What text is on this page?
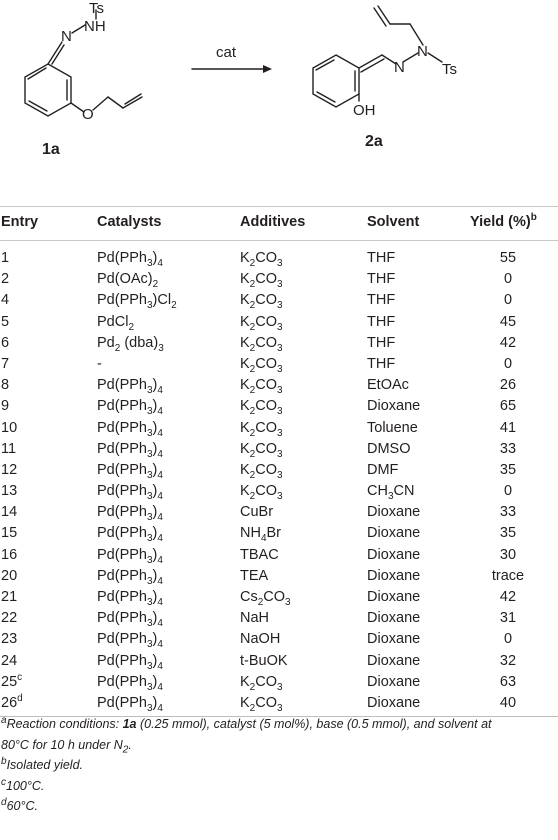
Ts
NH
N
O
1a
cat
N
N
Ts
OH
2a
Entry	Catalysts	Additives	Solvent	Yield (%)$^b$
1	$Pd(PPh_3)_4$	$K_2CO_3$	THF	55
2	$Pd(OAc)_2$	$K_2CO_3$	THF	0
4	$Pd(PPh_3)Cl_2$	$K_2CO_3$	THF	0
5	PdCl$_2$	$K_2CO_3$	THF	45
6	$Pd_2$ $(dba)_3$	$K_2CO_3$	THF	42
7	-	$K_2CO_3$	THF	0
8	$Pd(PPh_3)_4$	$K_2CO_3$	EtOAc	26
9	$Pd(PPh_3)_4$	$K_2CO_3$	Dioxane	65
10	$Pd(PPh_3)_4$	$K_2CO_3$	Toluene	41
11	$Pd(PPh_3)_4$	$K_2CO_3$	DMSO	33
12	$Pd(PPh_3)_4$	$K_2CO_3$	DMF	35
13	$Pd(PPh_3)_4$	$K_2CO_3$	$CH_3CN$	0
14	$Pd(PPh_3)_4$	CuBr	Dioxane	33
15	$Pd(PPh_3)_4$	$NH_4Br$	Dioxane	35
16	$Pd(PPh_3)_4$	TBAC	Dioxane	30
20	$Pd(PPh_3)_4$	TEA	Dioxane	trace
21	$Pd(PPh_3)_4$	$Cs_2CO_3$	Dioxane	42
22	$Pd(PPh_3)_4$	NaH	Dioxane	31
23	$Pd(PPh_3)_4$	NaOH	Dioxane	0
24	$Pd(PPh_3)_4$	t-BuOK	Dioxane	32
25$^c$	$Pd(PPh_3)_4$	$K_2CO_3$	Dioxane	63
26$^d$	$Pd(PPh_3)_4$	$K_2CO_3$	Dioxane	40
$^a$Reaction conditions: 1a (0.25 mmol), catalyst (5 mol%), base (0.5 mmol), and solvent at
80°C for 10 h under $N_2$.
$^b$Isolated yield.
$^c$100°C.
$^d$60°C.
